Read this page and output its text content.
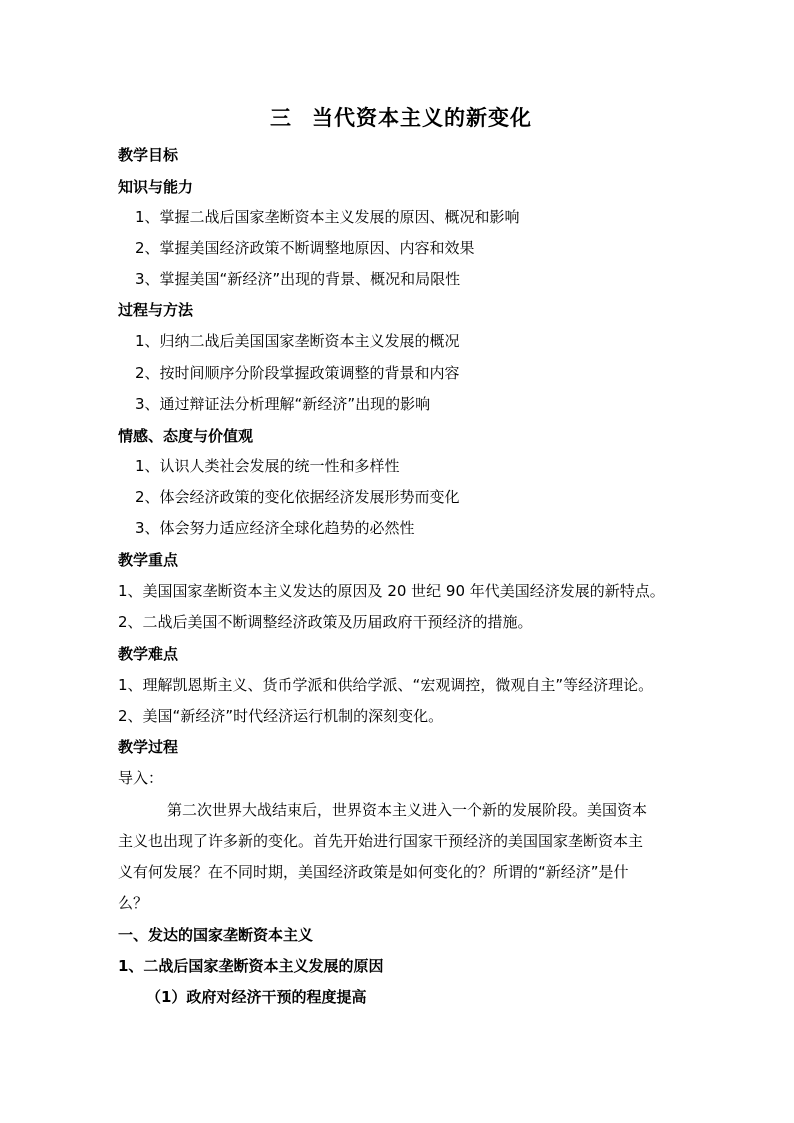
三 当代资本主义的新变化
教学目标
知识与能力
1、掌握二战后国家垄断资本主义发展的原因、概况和影响
2、掌握美国经济政策不断调整地原因、内容和效果
3、掌握美国“新经济”出现的背景、概况和局限性
过程与方法
1、归纳二战后美国国家垄断资本主义发展的概况
2、按时间顺序分阶段掌握政策调整的背景和内容
3、通过辩证法分析理解“新经济”出现的影响
情感、态度与价值观
1、认识人类社会发展的统一性和多样性
2、体会经济政策的变化依据经济发展形势而变化
3、体会努力适应经济全球化趋势的必然性
教学重点
1、美国国家垄断资本主义发达的原因及 20 世纪 90 年代美国经济发展的新特点。
2、二战后美国不断调整经济政策及历届政府干预经济的措施。
教学难点
1、理解凯恩斯主义、货币学派和供给学派、“宏观调控，微观自主”等经济理论。
2、美国“新经济”时代经济运行机制的深刻变化。
教学过程
导入：
第二次世界大战结束后，世界资本主义进入一个新的发展阶段。美国资本
主义也出现了许多新的变化。首先开始进行国家干预经济的美国国家垄断资本主
义有何发展？在不同时期，美国经济政策是如何变化的？所谓的“新经济”是什
么？
一、发达的国家垄断资本主义
1、二战后国家垄断资本主义发展的原因
（1）政府对经济干预的程度提高
